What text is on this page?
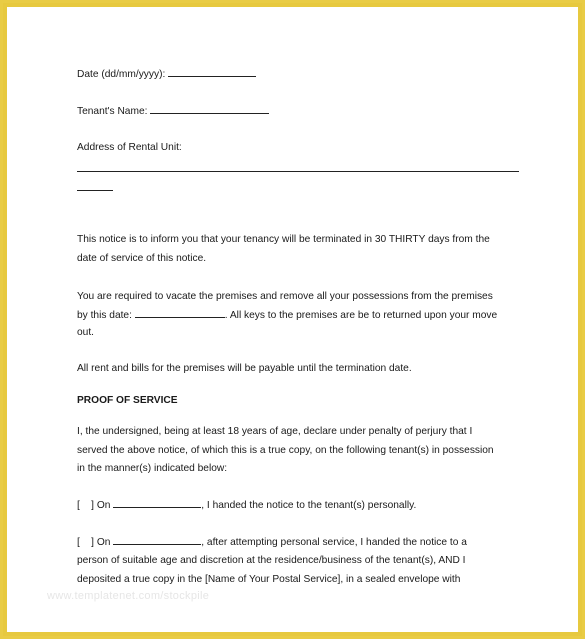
Date (dd/mm/yyyy):
Tenant's Name:
Address of Rental Unit:
This notice is to inform you that your tenancy will be terminated in 30 THIRTY days from the
date of service of this notice.
You are required to vacate the premises and remove all your possessions from the premises
by this date:	. All keys to the premises are be to returned upon your move
out.
All rent and bills for the premises will be payable until the termination date.
PROOF OF SERVICE
I, the undersigned, being at least 18 years of age, declare under penalty of perjury that I
served the above notice, of which this is a true copy, on the following tenant(s) in possession
in the manner(s) indicated below:
[    ] On	, I handed the notice to the tenant(s) personally.
[    ] On	, after attempting personal service, I handed the notice to a
person of suitable age and discretion at the residence/business of the tenant(s), AND I
deposited a true copy in the [Name of Your Postal Service], in a sealed envelope with
www.templatenet.com/stockpile
